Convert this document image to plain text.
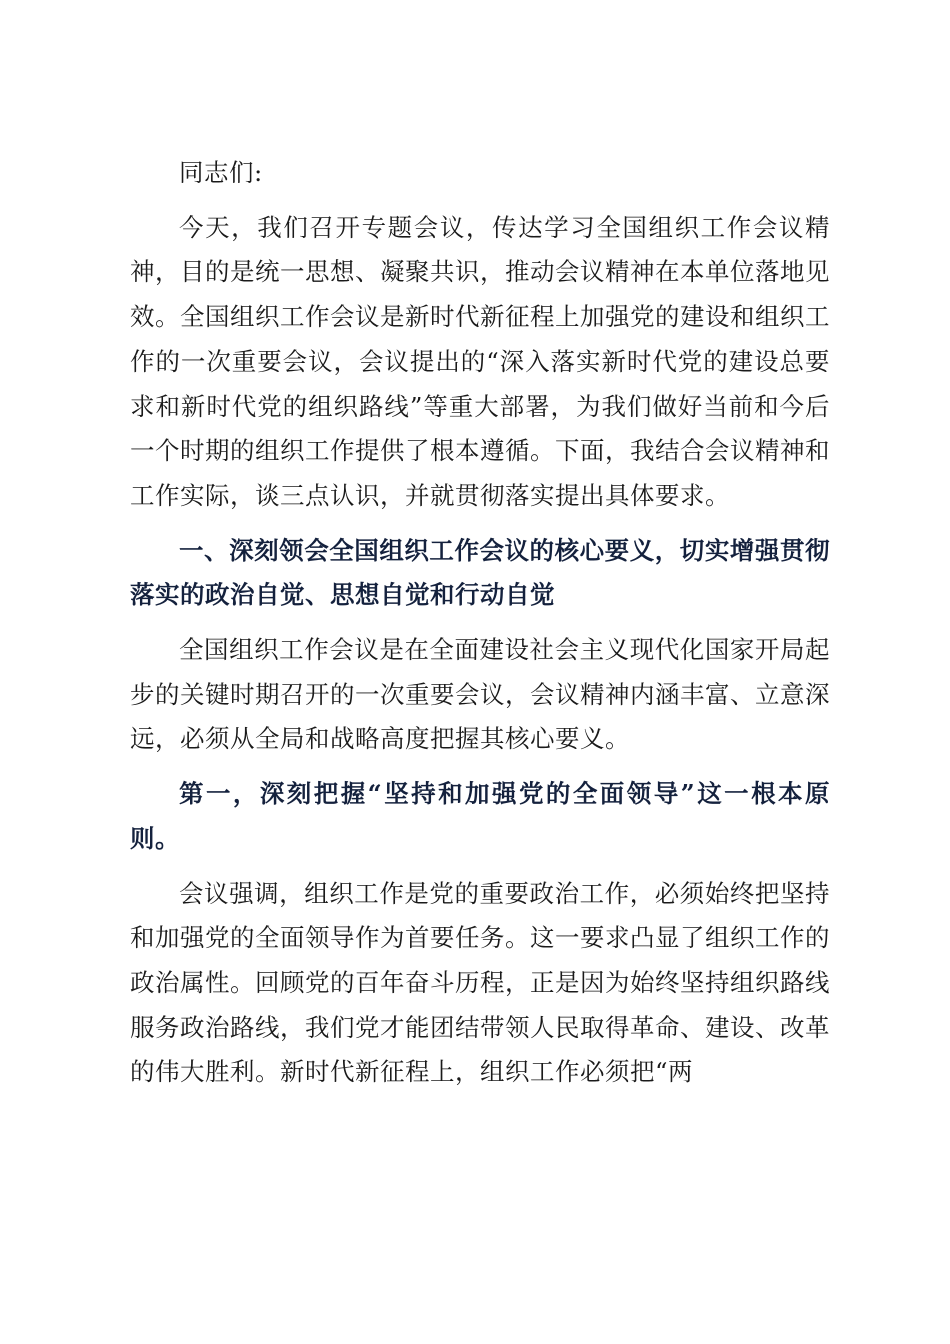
同志们:

今天，我们召开专题会议，传达学习全国组织工作会议精神，目的是统一思想、凝聚共识，推动会议精神在本单位落地见效。全国组织工作会议是新时代新征程上加强党的建设和组织工作的一次重要会议，会议提出的“深入落实新时代党的建设总要求和新时代党的组织路线”等重大部署，为我们做好当前和今后一个时期的组织工作提供了根本遵循。下面，我结合会议精神和工作实际，谈三点认识，并就贯彻落实提出具体要求。

一、深刻领会全国组织工作会议的核心要义，切实增强贯彻落实的政治自觉、思想自觉和行动自觉

全国组织工作会议是在全面建设社会主义现代化国家开局起步的关键时期召开的一次重要会议，会议精神内涵丰富、立意深远，必须从全局和战略高度把握其核心要义。

第一，深刻把握“坚持和加强党的全面领导”这一根本原则。

会议强调，组织工作是党的重要政治工作，必须始终把坚持和加强党的全面领导作为首要任务。这一要求凸显了组织工作的政治属性。回顾党的百年奋斗历程，正是因为始终坚持组织路线服务政治路线，我们党才能团结带领人民取得革命、建设、改革的伟大胜利。新时代新征程上，组织工作必须把“两
